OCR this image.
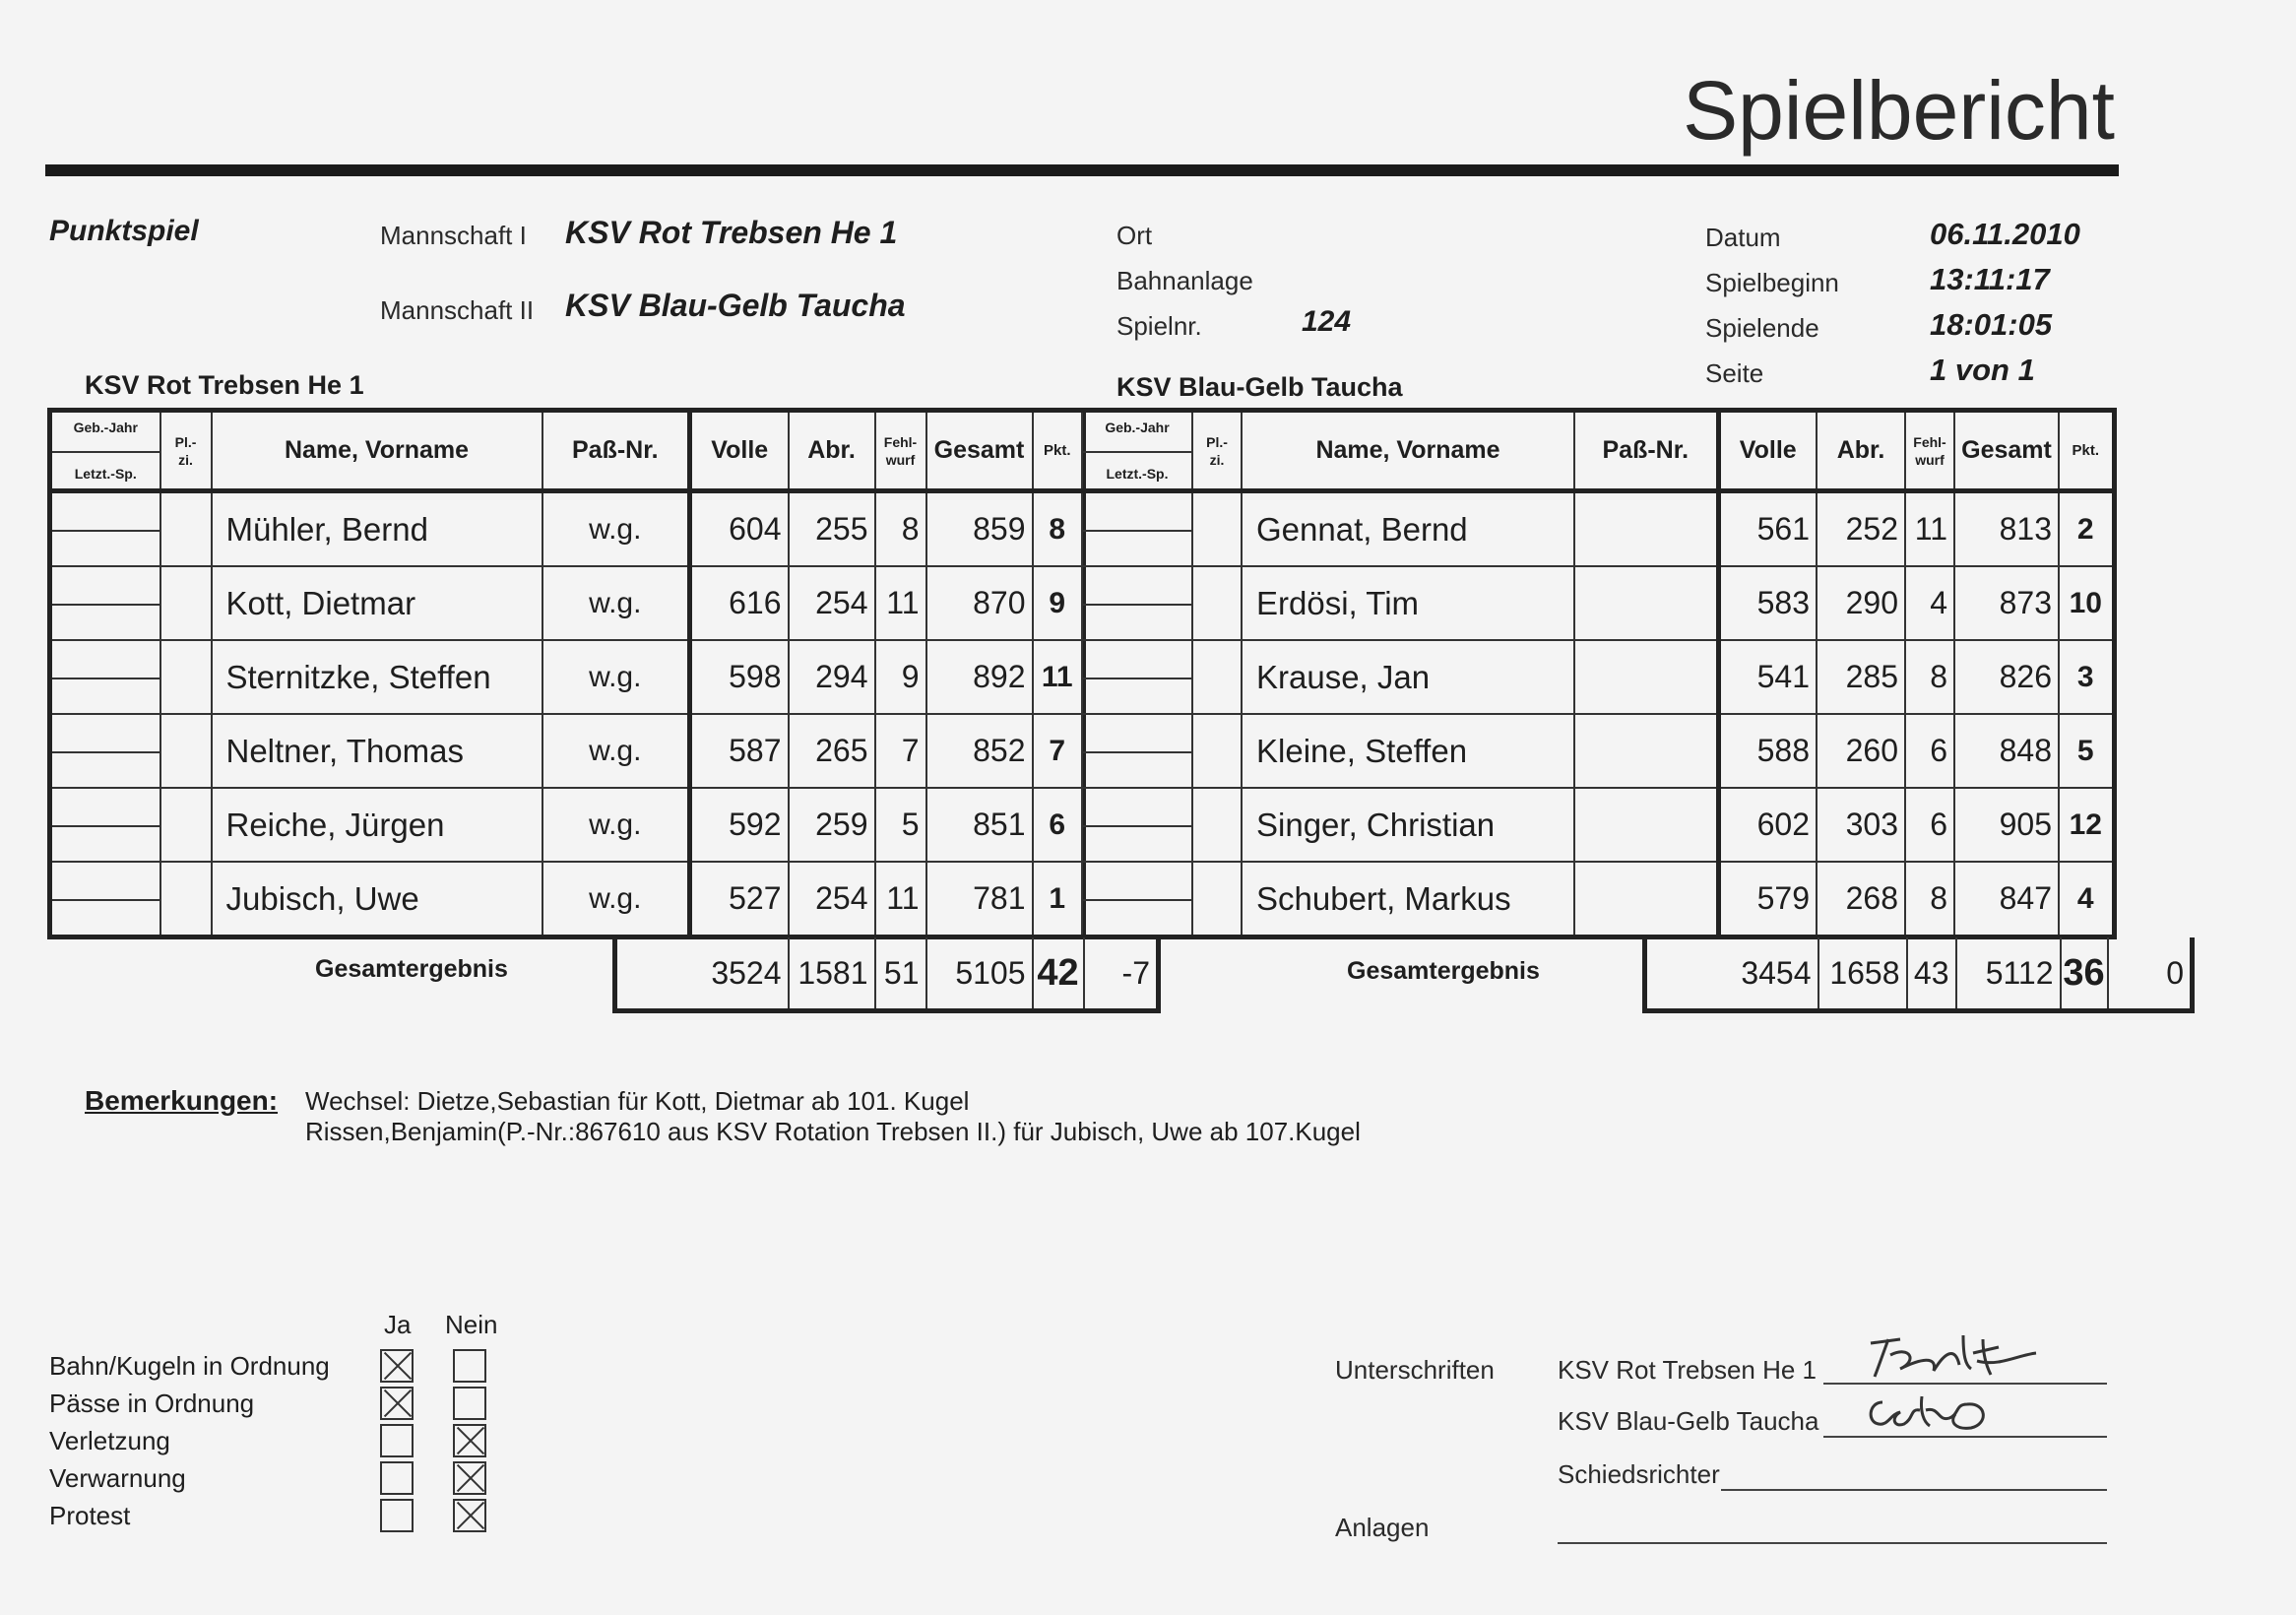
Spielbericht
Punktspiel	Mannschaft I KSV Rot Trebsen He 1
Mannschaft II KSV Blau-Gelb Taucha
Ort
Bahnanlage
Spielnr.	124
Datum	06.11.2010
Spielbeginn	13:11:17
Spielende	18:01:05
Seite	1 von 1
KSV Rot Trebsen He 1	KSV Blau-Gelb Taucha
Geb.-Jahr
Letzt.-Sp.	Pl.-
zi.	Name, Vorname	Paß-Nr.	Volle	Abr.	Fehl-
wurf	Gesamt	Pkt.

		Mühler, Bernd	w.g.	604	255	8	859	8
		Kott, Dietmar	w.g.	616	254	11	870	9
		Sternitzke, Steffen	w.g.	598	294	9	892	11
		Neltner, Thomas	w.g.	587	265	7	852	7
		Reiche, Jürgen	w.g.	592	259	5	851	6
		Jubisch, Uwe	w.g.	527	254	11	781	1
Geb.-Jahr
Letzt.-Sp.	Pl.-
zi.	Name, Vorname	Paß-Nr.	Volle	Abr.	Fehl-
wurf	Gesamt	Pkt.

		Gennat, Bernd		561	252	11	813	2
		Erdösi, Tim		583	290	4	873	10
		Krause, Jan		541	285	8	826	3
		Kleine, Steffen		588	260	6	848	5
		Singer, Christian		602	303	6	905	12
		Schubert, Markus		579	268	8	847	4
Gesamtergebnis	3524	1581	51	5105	42	-7	Gesamtergebnis	3454	1658	43	5112	36	0
Bemerkungen: Wechsel: Dietze,Sebastian für Kott, Dietmar ab 101. Kugel
Rissen,Benjamin(P.-Nr.:867610 aus KSV Rotation Trebsen II.) für Jubisch, Uwe ab 107.Kugel
Ja Nein
Bahn/Kugeln in Ordnung
Pässe in Ordnung
Verletzung
Verwarnung
Protest
Unterschriften KSV Rot Trebsen He 1
KSV Blau-Gelb Taucha
Schiedsrichter
Anlagen
